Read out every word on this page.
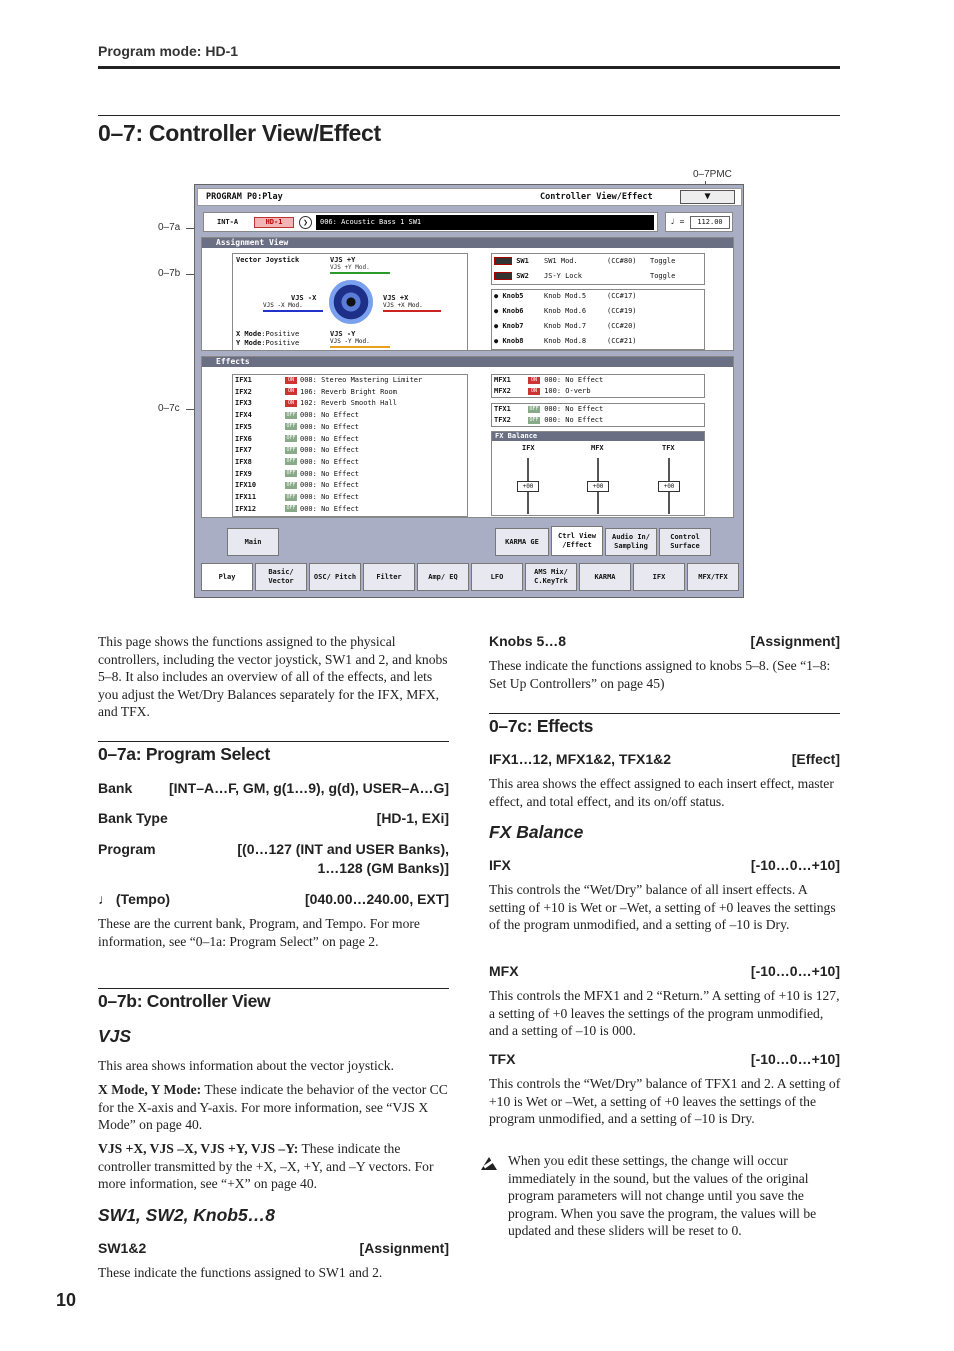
Program mode: HD-1
0–7: Controller View/Effect
0–7PMC
0–7a
0–7b
0–7c
PROGRAM P0:Play	Controller View/Effect	▼
INT-A	HD-1	❯	006: Acoustic Bass 1 SW1	♩ =	112.00
Assignment View
Vector Joystick	VJS +Y
VJS +Y Mod.
VJS -X
VJS -X Mod.
VJS +X
VJS +X Mod.
X Mode:Positive
Y Mode:Positive
VJS -Y
VJS -Y Mod.
SW1 SW1 Mod.	(CC#80) Toggle
SW2 JS-Y Lock	Toggle
● Knob5	Knob Mod.5	(CC#17)
● Knob6	Knob Mod.6	(CC#19)
● Knob7	Knob Mod.7	(CC#20)
● Knob8	Knob Mod.8	(CC#21)
Effects
IFX1	ON 008: Stereo Mastering Limiter
IFX2	ON 106: Reverb Bright Room
IFX3	ON 102: Reverb Smooth Hall
IFX4	OFF 000: No Effect
IFX5	OFF 000: No Effect
IFX6	OFF 000: No Effect
IFX7	OFF 000: No Effect
IFX8	OFF 000: No Effect
IFX9	OFF 000: No Effect
IFX10	OFF 000: No Effect
IFX11	OFF 000: No Effect
IFX12	OFF 000: No Effect
MFX1	ON 000: No Effect
MFX2	ON 100: O-verb
TFX1	OFF 000: No Effect
TFX2	OFF 000: No Effect
FX Balance
IFX	MFX	TFX
+00	+00	+00
Main	KARMA GE
Ctrl View /Effect
Audio In/ Sampling
Control Surface
Play
Basic/ Vector
OSC/ Pitch	Filter	Amp/ EQ	LFO
AMS Mix/ C.KeyTrk
KARMA	IFX	MFX/TFX
This page shows the functions assigned to the physical controllers, including the vector joystick, SW1 and 2, and knobs 5–8. It also includes an overview of all of the effects, and lets you adjust the Wet/Dry Balances separately for the IFX, MFX, and TFX.
0–7a: Program Select
Bank	[INT–A…F, GM, g(1…9), g(d), USER–A…G]
Bank Type	[HD-1, EXi]
Program	[(0…127 (INT and USER Banks),
1…128 (GM Banks)]
♩ (Tempo)	[040.00…240.00, EXT]
These are the current bank, Program, and Tempo. For more information, see “0–1a: Program Select” on page 2.
0–7b: Controller View
VJS
This area shows information about the vector joystick.
X Mode, Y Mode: These indicate the behavior of the vector CC for the X-axis and Y-axis. For more information, see “VJS X Mode” on page 40.
VJS +X, VJS –X, VJS +Y, VJS –Y: These indicate the controller transmitted by the +X, –X, +Y, and –Y vectors. For more information, see “+X” on page 40.
SW1, SW2, Knob5…8
SW1&2	[Assignment]
These indicate the functions assigned to SW1 and 2.
Knobs 5…8	[Assignment]
These indicate the functions assigned to knobs 5–8. (See “1–8: Set Up Controllers” on page 45)
0–7c: Effects
IFX1…12, MFX1&2, TFX1&2	[Effect]
This area shows the effect assigned to each insert effect, master effect, and total effect, and its on/off status.
FX Balance
IFX	[-10…0…+10]
This controls the “Wet/Dry” balance of all insert effects. A setting of +10 is Wet or –Wet, a setting of +0 leaves the settings of the program unmodified, and a setting of –10 is Dry.
MFX	[-10…0…+10]
This controls the MFX1 and 2 “Return.” A setting of +10 is 127, a setting of +0 leaves the settings of the program unmodified, and a setting of –10 is 000.
TFX	[-10…0…+10]
This controls the “Wet/Dry” balance of TFX1 and 2. A setting of +10 is Wet or –Wet, a setting of +0 leaves the settings of the program unmodified, and a setting of –10 is Dry.
When you edit these settings, the change will occur immediately in the sound, but the values of the original program parameters will not change until you save the program. When you save the program, the values will be updated and these sliders will be reset to 0.
10
